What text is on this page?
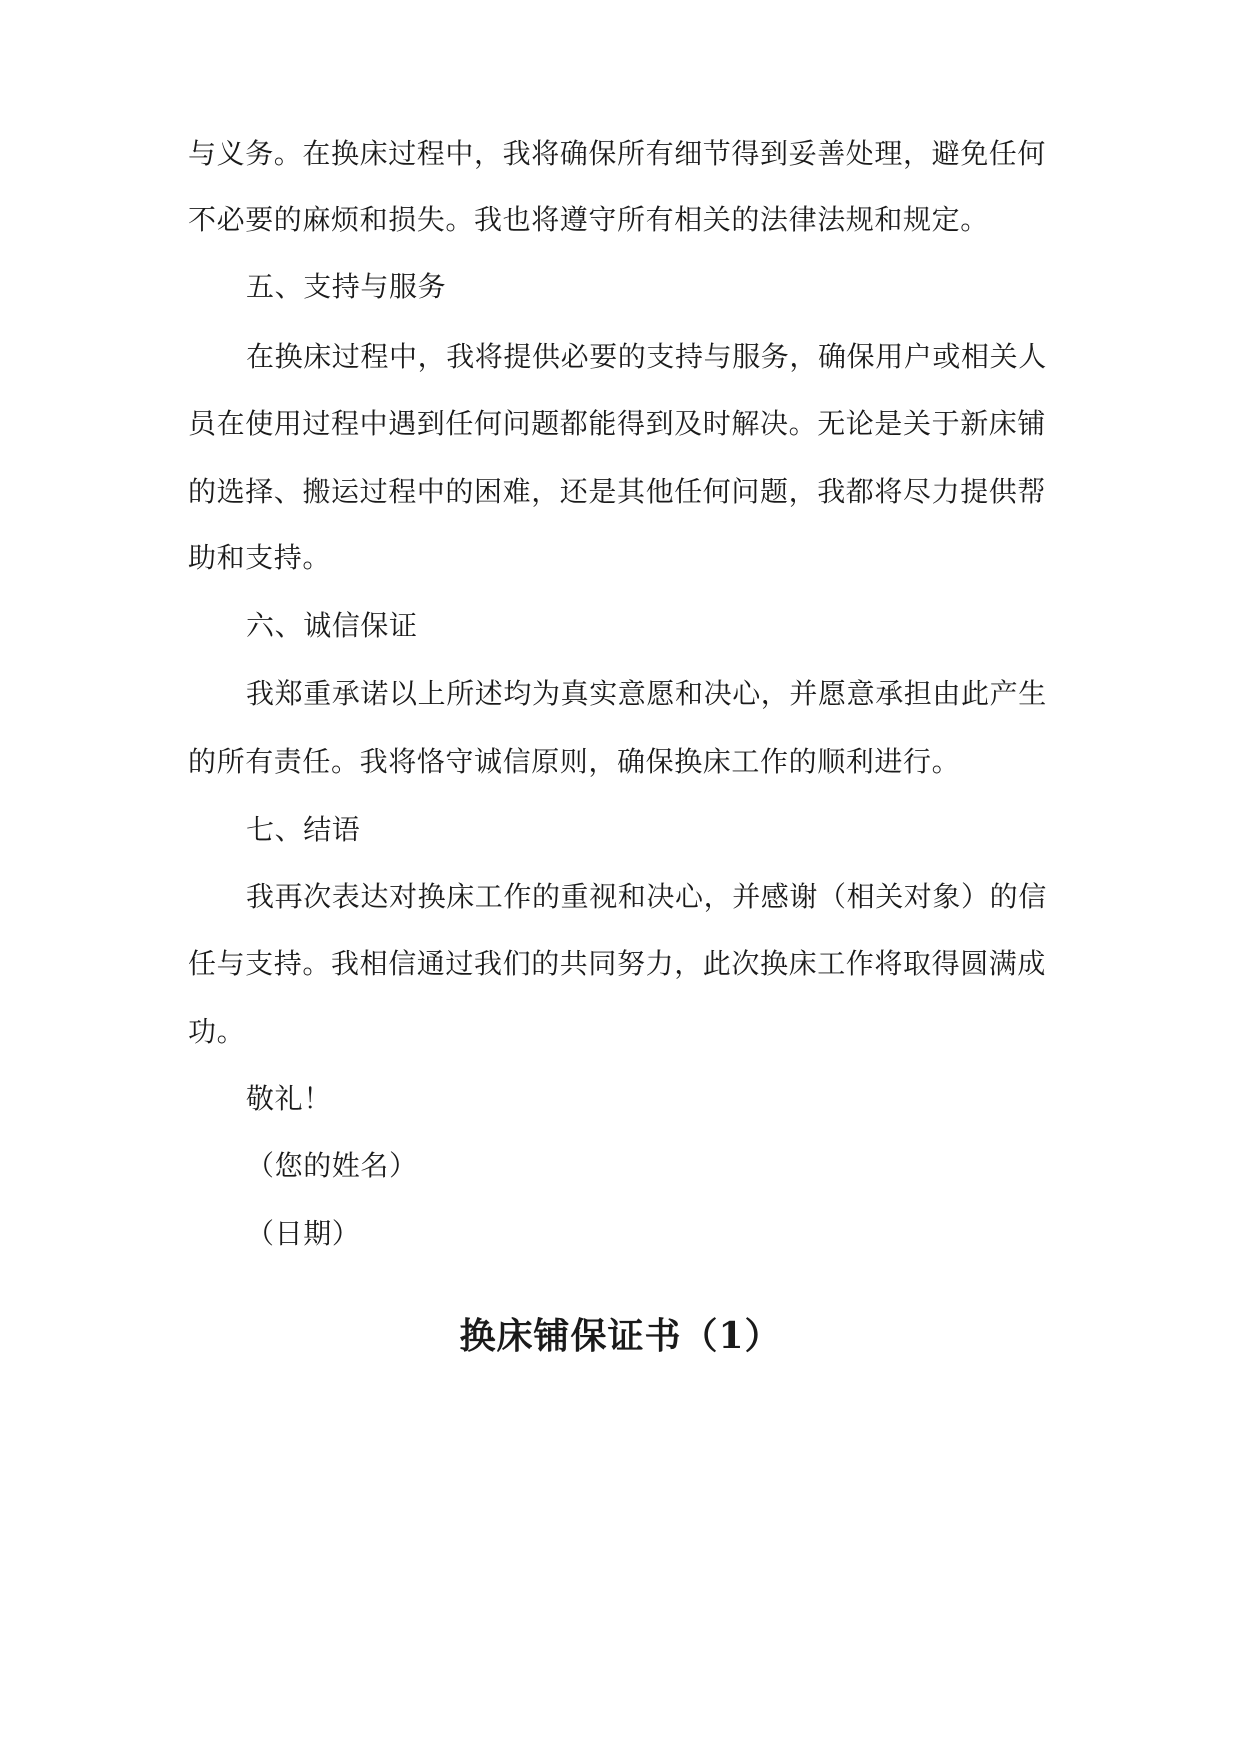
与义务。在换床过程中，我将确保所有细节得到妥善处理，避免任何
不必要的麻烦和损失。我也将遵守所有相关的法律法规和规定。
五、支持与服务
在换床过程中，我将提供必要的支持与服务，确保用户或相关人
员在使用过程中遇到任何问题都能得到及时解决。无论是关于新床铺
的选择、搬运过程中的困难，还是其他任何问题，我都将尽力提供帮
助和支持。
六、诚信保证
我郑重承诺以上所述均为真实意愿和决心，并愿意承担由此产生
的所有责任。我将恪守诚信原则，确保换床工作的顺利进行。
七、结语
我再次表达对换床工作的重视和决心，并感谢（相关对象）的信
任与支持。我相信通过我们的共同努力，此次换床工作将取得圆满成
功。
敬礼！
（您的姓名）
（日期）
换床铺保证书（1）
